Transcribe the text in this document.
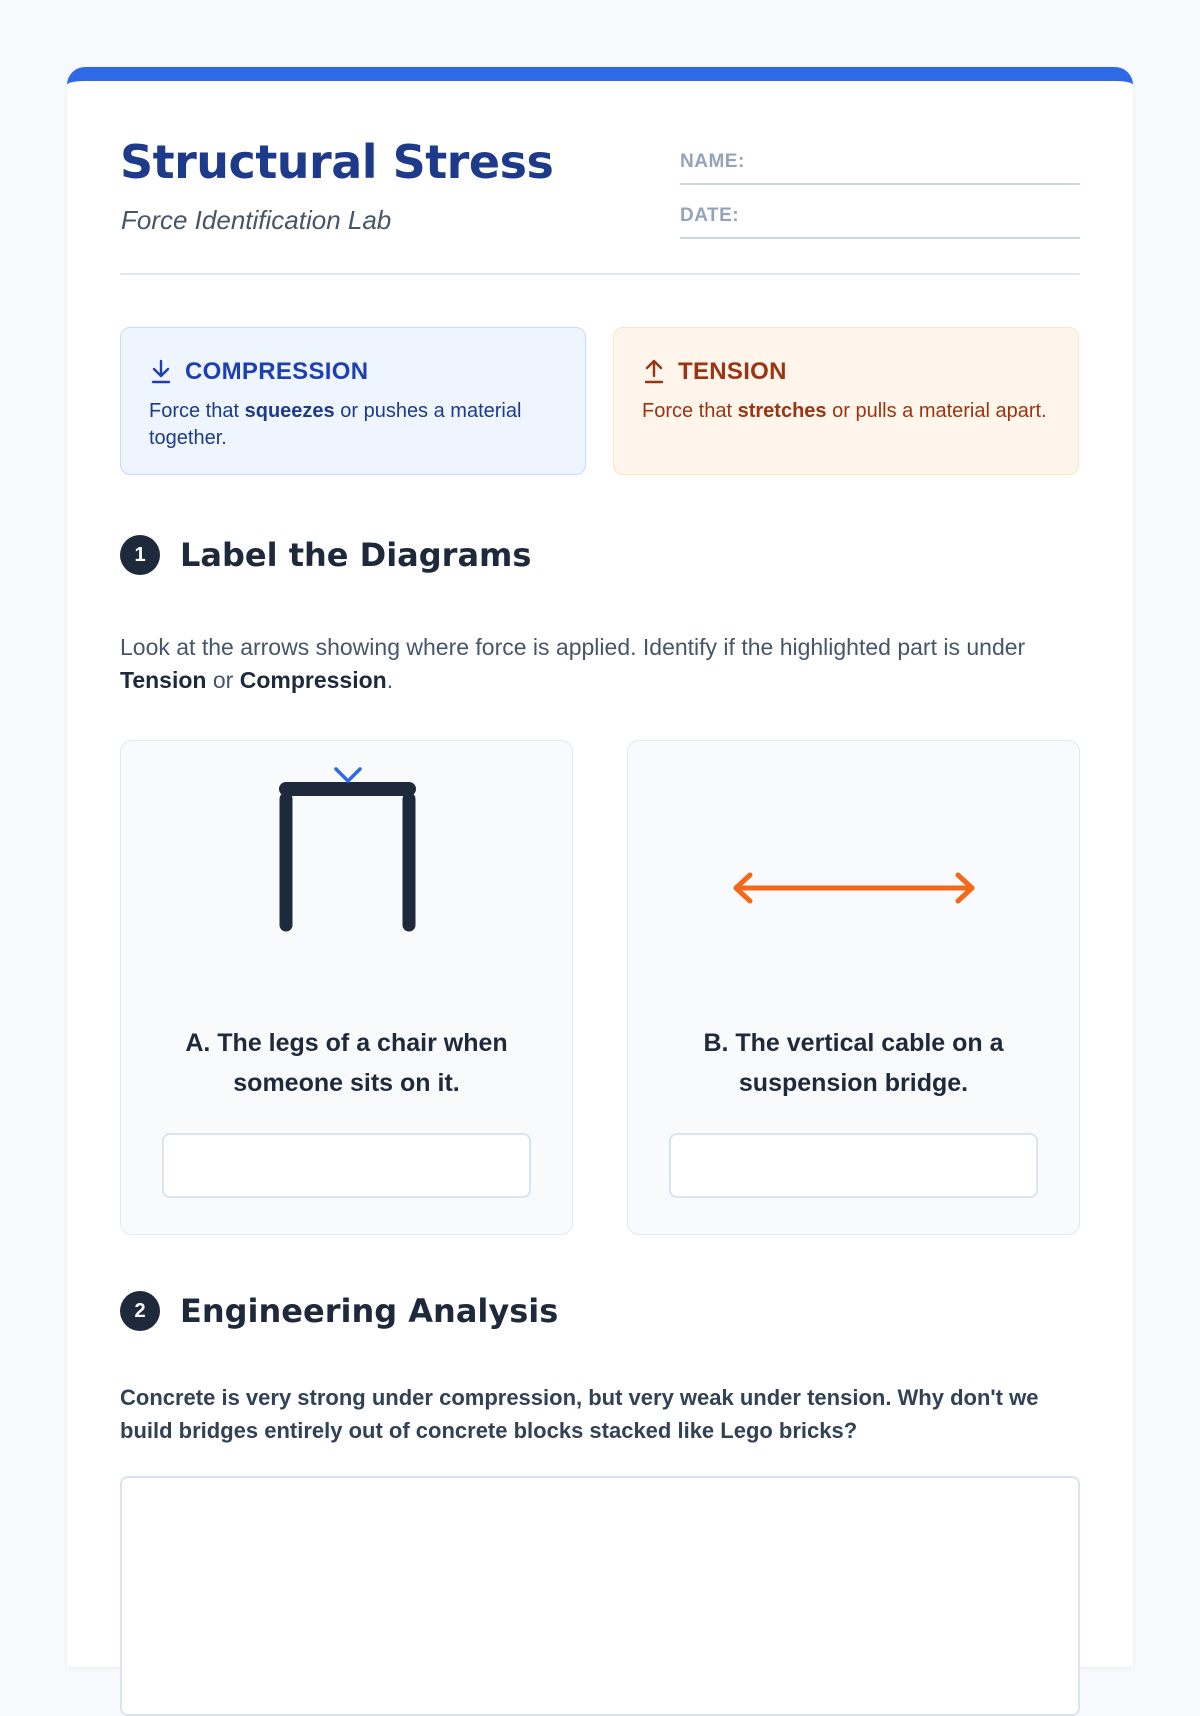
Structural Stress
Force Identification Lab
NAME:
DATE:
COMPRESSION
Force that squeezes or pushes a material together.
TENSION
Force that stretches or pulls a material apart.
1	Label the Diagrams
Look at the arrows showing where force is applied. Identify if the highlighted part is under Tension or Compression.
A. The legs of a chair when someone sits on it.
B. The vertical cable on a suspension bridge.
2	Engineering Analysis
Concrete is very strong under compression, but very weak under tension. Why don't we build bridges entirely out of concrete blocks stacked like Lego bricks?
